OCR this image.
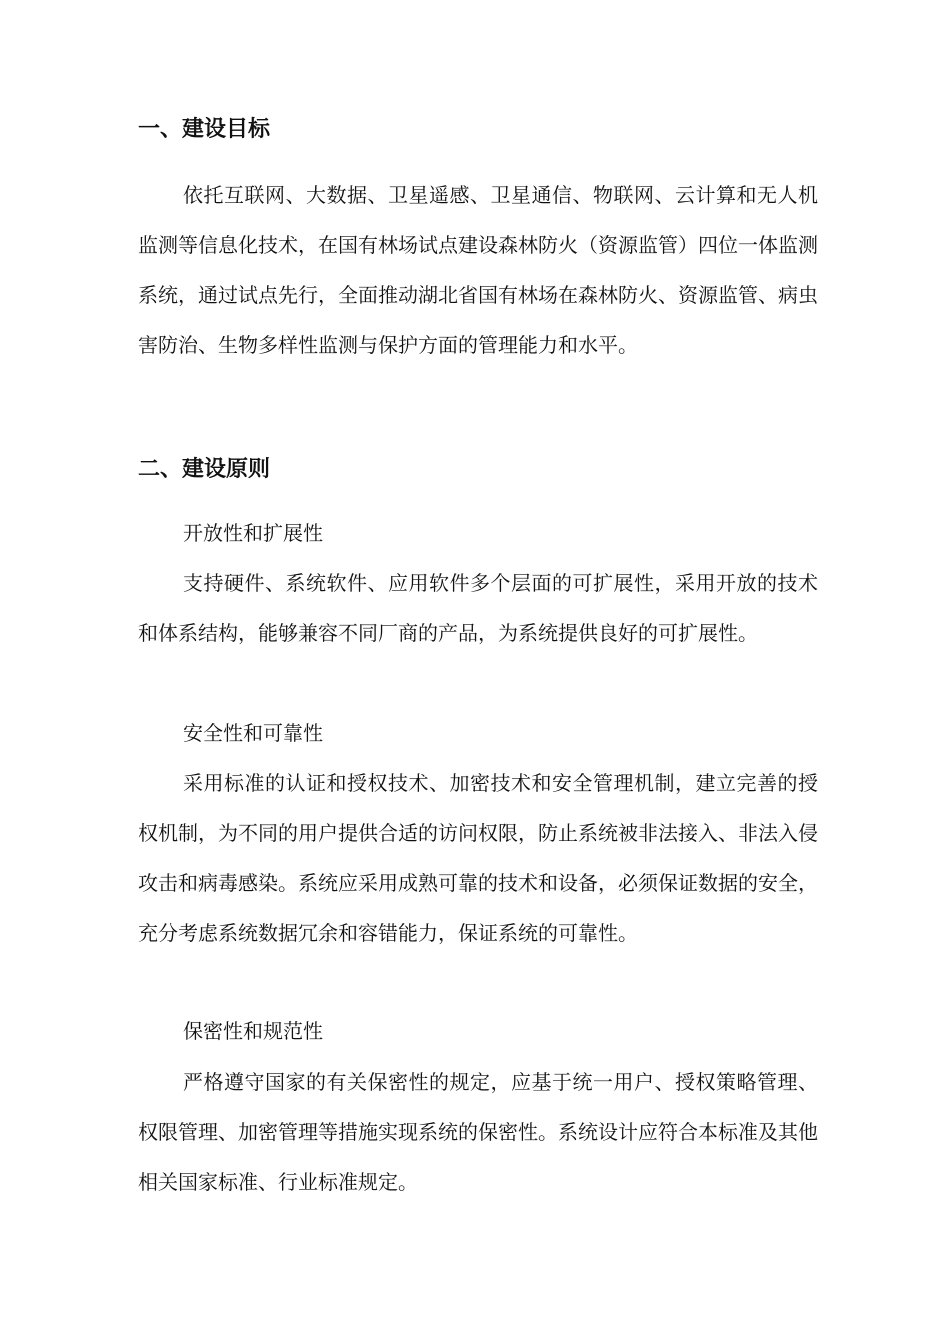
一、建设目标

依托互联网、大数据、卫星遥感、卫星通信、物联网、云计算和无人机监测等信息化技术，在国有林场试点建设森林防火（资源监管）四位一体监测系统，通过试点先行，全面推动湖北省国有林场在森林防火、资源监管、病虫害防治、生物多样性监测与保护方面的管理能力和水平。

二、建设原则

开放性和扩展性

支持硬件、系统软件、应用软件多个层面的可扩展性，采用开放的技术和体系结构，能够兼容不同厂商的产品，为系统提供良好的可扩展性。

安全性和可靠性

采用标准的认证和授权技术、加密技术和安全管理机制，建立完善的授权机制，为不同的用户提供合适的访问权限，防止系统被非法接入、非法入侵攻击和病毒感染。系统应采用成熟可靠的技术和设备，必须保证数据的安全，充分考虑系统数据冗余和容错能力，保证系统的可靠性。

保密性和规范性

严格遵守国家的有关保密性的规定，应基于统一用户、授权策略管理、权限管理、加密管理等措施实现系统的保密性。系统设计应符合本标准及其他相关国家标准、行业标准规定。
